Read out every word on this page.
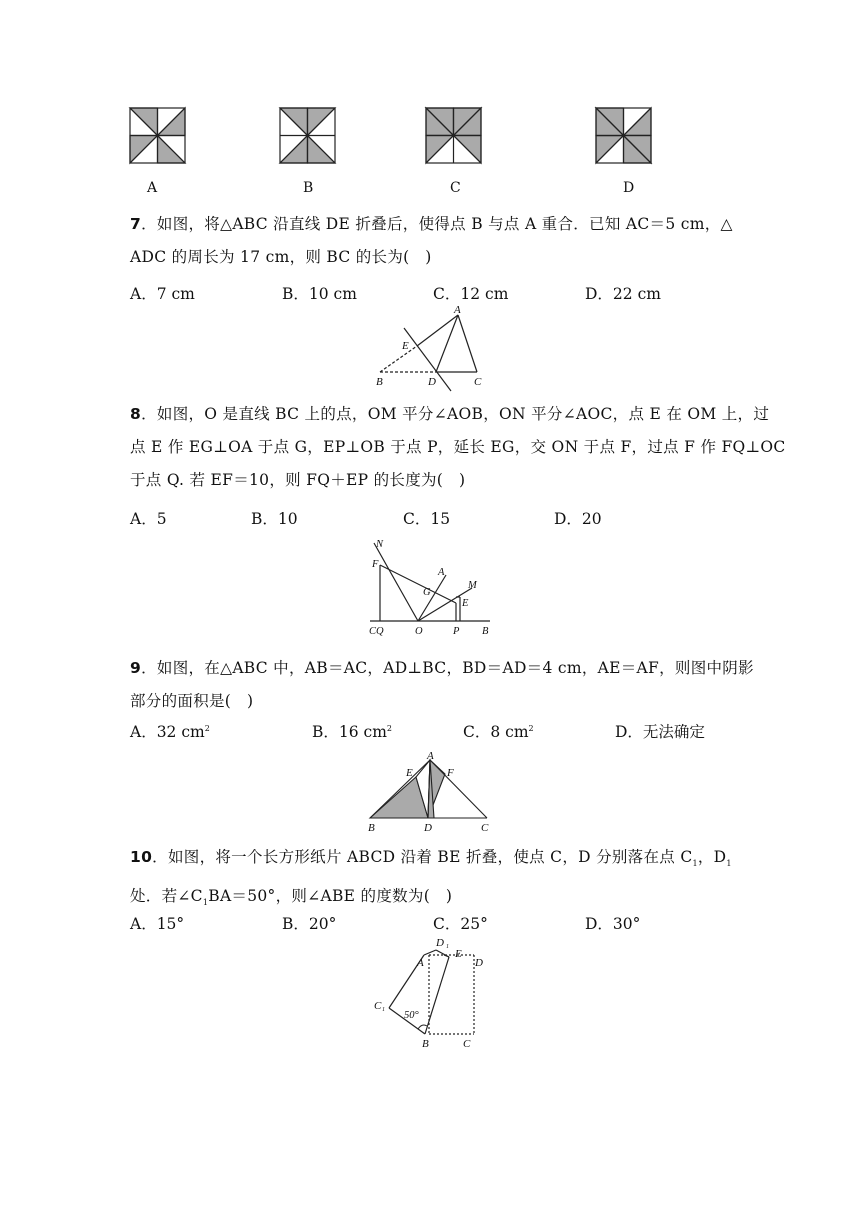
A	B	C	D
7．如图，将△ABC 沿直线 DE 折叠后，使得点 B 与点 A 重合．已知 AC＝5 cm，△
ADC 的周长为 17 cm，则 BC 的长为(　)
A．7 cm	B．10 cm	C．12 cm	D．22 cm
A
E
B	D	C
8．如图，O 是直线 BC 上的点，OM 平分∠AOB，ON 平分∠AOC，点 E 在 OM 上，过
点 E 作 EG⊥OA 于点 G，EP⊥OB 于点 P，延长 EG，交 ON 于点 F，过点 F 作 FQ⊥OC
于点 Q. 若 EF＝10，则 FQ＋EP 的长度为(　)
A．5	B．10	C．15	D．20
N
F
A
M
G
E
CQ	O	P B
9．如图，在△ABC 中，AB＝AC，AD⊥BC，BD＝AD＝4 cm，AE＝AF，则图中阴影
部分的面积是(　)
A．32 $cm^2$	B．16 $cm^2$	C．8 $cm^2$	D．无法确定
A
E	F
B	D	C
10．如图，将一个长方形纸片 ABCD 沿着 BE 折叠，使点 C，D 分别落在点 $C_1$，$D_1$
处．若$\angle C_1BA=50^\circ$，则∠ABE 的度数为(　)
A．15°	B．20°	C．25°	D．30°
D 1
E
A	D
C 1 50°
B	C
